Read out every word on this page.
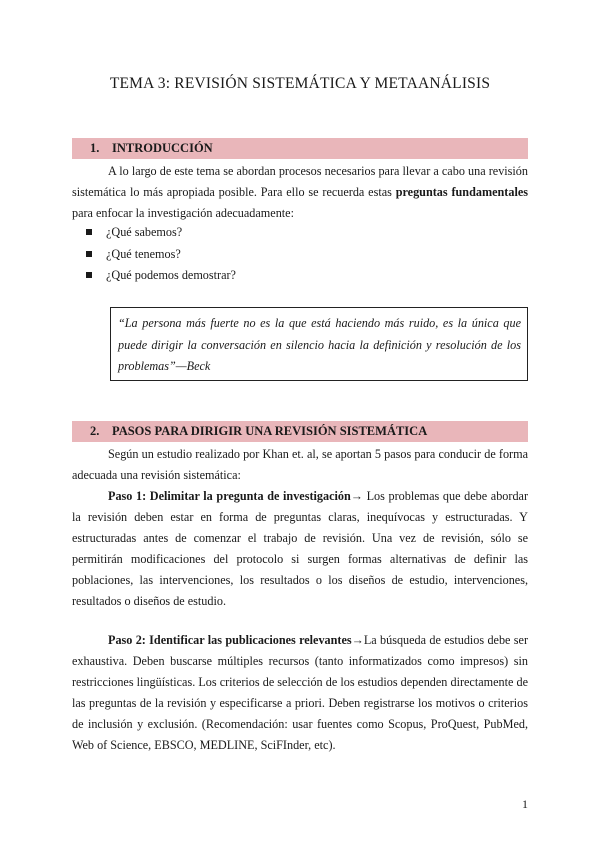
TEMA 3: REVISIÓN SISTEMÁTICA Y METAANÁLISIS
1. INTRODUCCIÓN

A lo largo de este tema se abordan procesos necesarios para llevar a cabo una revisión sistemática lo más apropiada posible. Para ello se recuerda estas preguntas fundamentales para enfocar la investigación adecuadamente:

¿Qué sabemos?
¿Qué tenemos?
¿Qué podemos demostrar?
“La persona más fuerte no es la que está haciendo más ruido, es la única que puede dirigir la conversación en silencio hacia la definición y resolución de los problemas”—Beck
2. PASOS PARA DIRIGIR UNA REVISIÓN SISTEMÁTICA

Según un estudio realizado por Khan et. al, se aportan 5 pasos para conducir de forma adecuada una revisión sistemática:

Paso 1: Delimitar la pregunta de investigación→ Los problemas que debe abordar la revisión deben estar en forma de preguntas claras, inequívocas y estructuradas. Y estructuradas antes de comenzar el trabajo de revisión. Una vez de revisión, sólo se permitirán modificaciones del protocolo si surgen formas alternativas de definir las poblaciones, las intervenciones, los resultados o los diseños de estudio, intervenciones, resultados o diseños de estudio.

Paso 2: Identificar las publicaciones relevantes→La búsqueda de estudios debe ser exhaustiva. Deben buscarse múltiples recursos (tanto informatizados como impresos) sin restricciones lingüísticas. Los criterios de selección de los estudios dependen directamente de las preguntas de la revisión y especificarse a priori. Deben registrarse los motivos o criterios de inclusión y exclusión. (Recomendación: usar fuentes como Scopus, ProQuest, PubMed, Web of Science, EBSCO, MEDLINE, SciFInder, etc).

1
